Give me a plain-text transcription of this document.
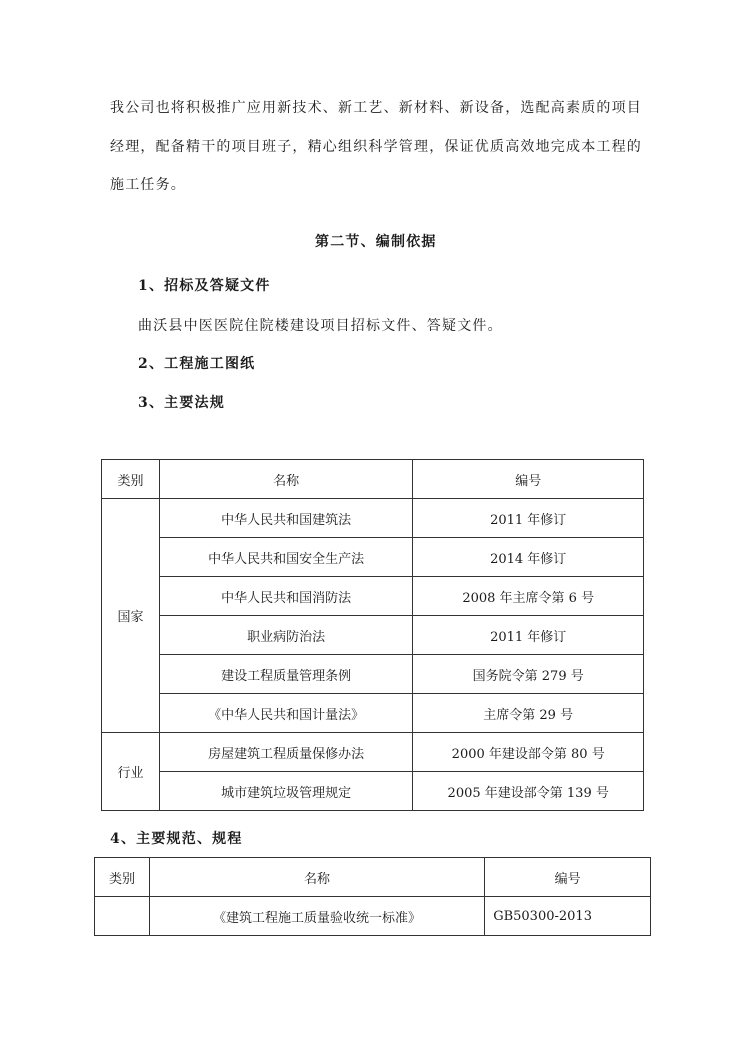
我公司也将积极推广应用新技术、新工艺、新材料、新设备，选配高素质的项目
经理，配备精干的项目班子，精心组织科学管理，保证优质高效地完成本工程的
施工任务。
第二节、编制依据
1、招标及答疑文件
曲沃县中医医院住院楼建设项目招标文件、答疑文件。
2、工程施工图纸
3、主要法规
类别	名称	编号
国家	中华人民共和国建筑法	2011 年修订
	中华人民共和国安全生产法	2014 年修订
	中华人民共和国消防法	2008 年主席令第 6 号
	职业病防治法	2011 年修订
	建设工程质量管理条例	国务院令第 279 号
	《中华人民共和国计量法》	主席令第 29 号
行业	房屋建筑工程质量保修办法	2000 年建设部令第 80 号
	城市建筑垃圾管理规定	2005 年建设部令第 139 号
4、主要规范、规程
类别	名称	编号
	《建筑工程施工质量验收统一标准》	GB50300-2013
